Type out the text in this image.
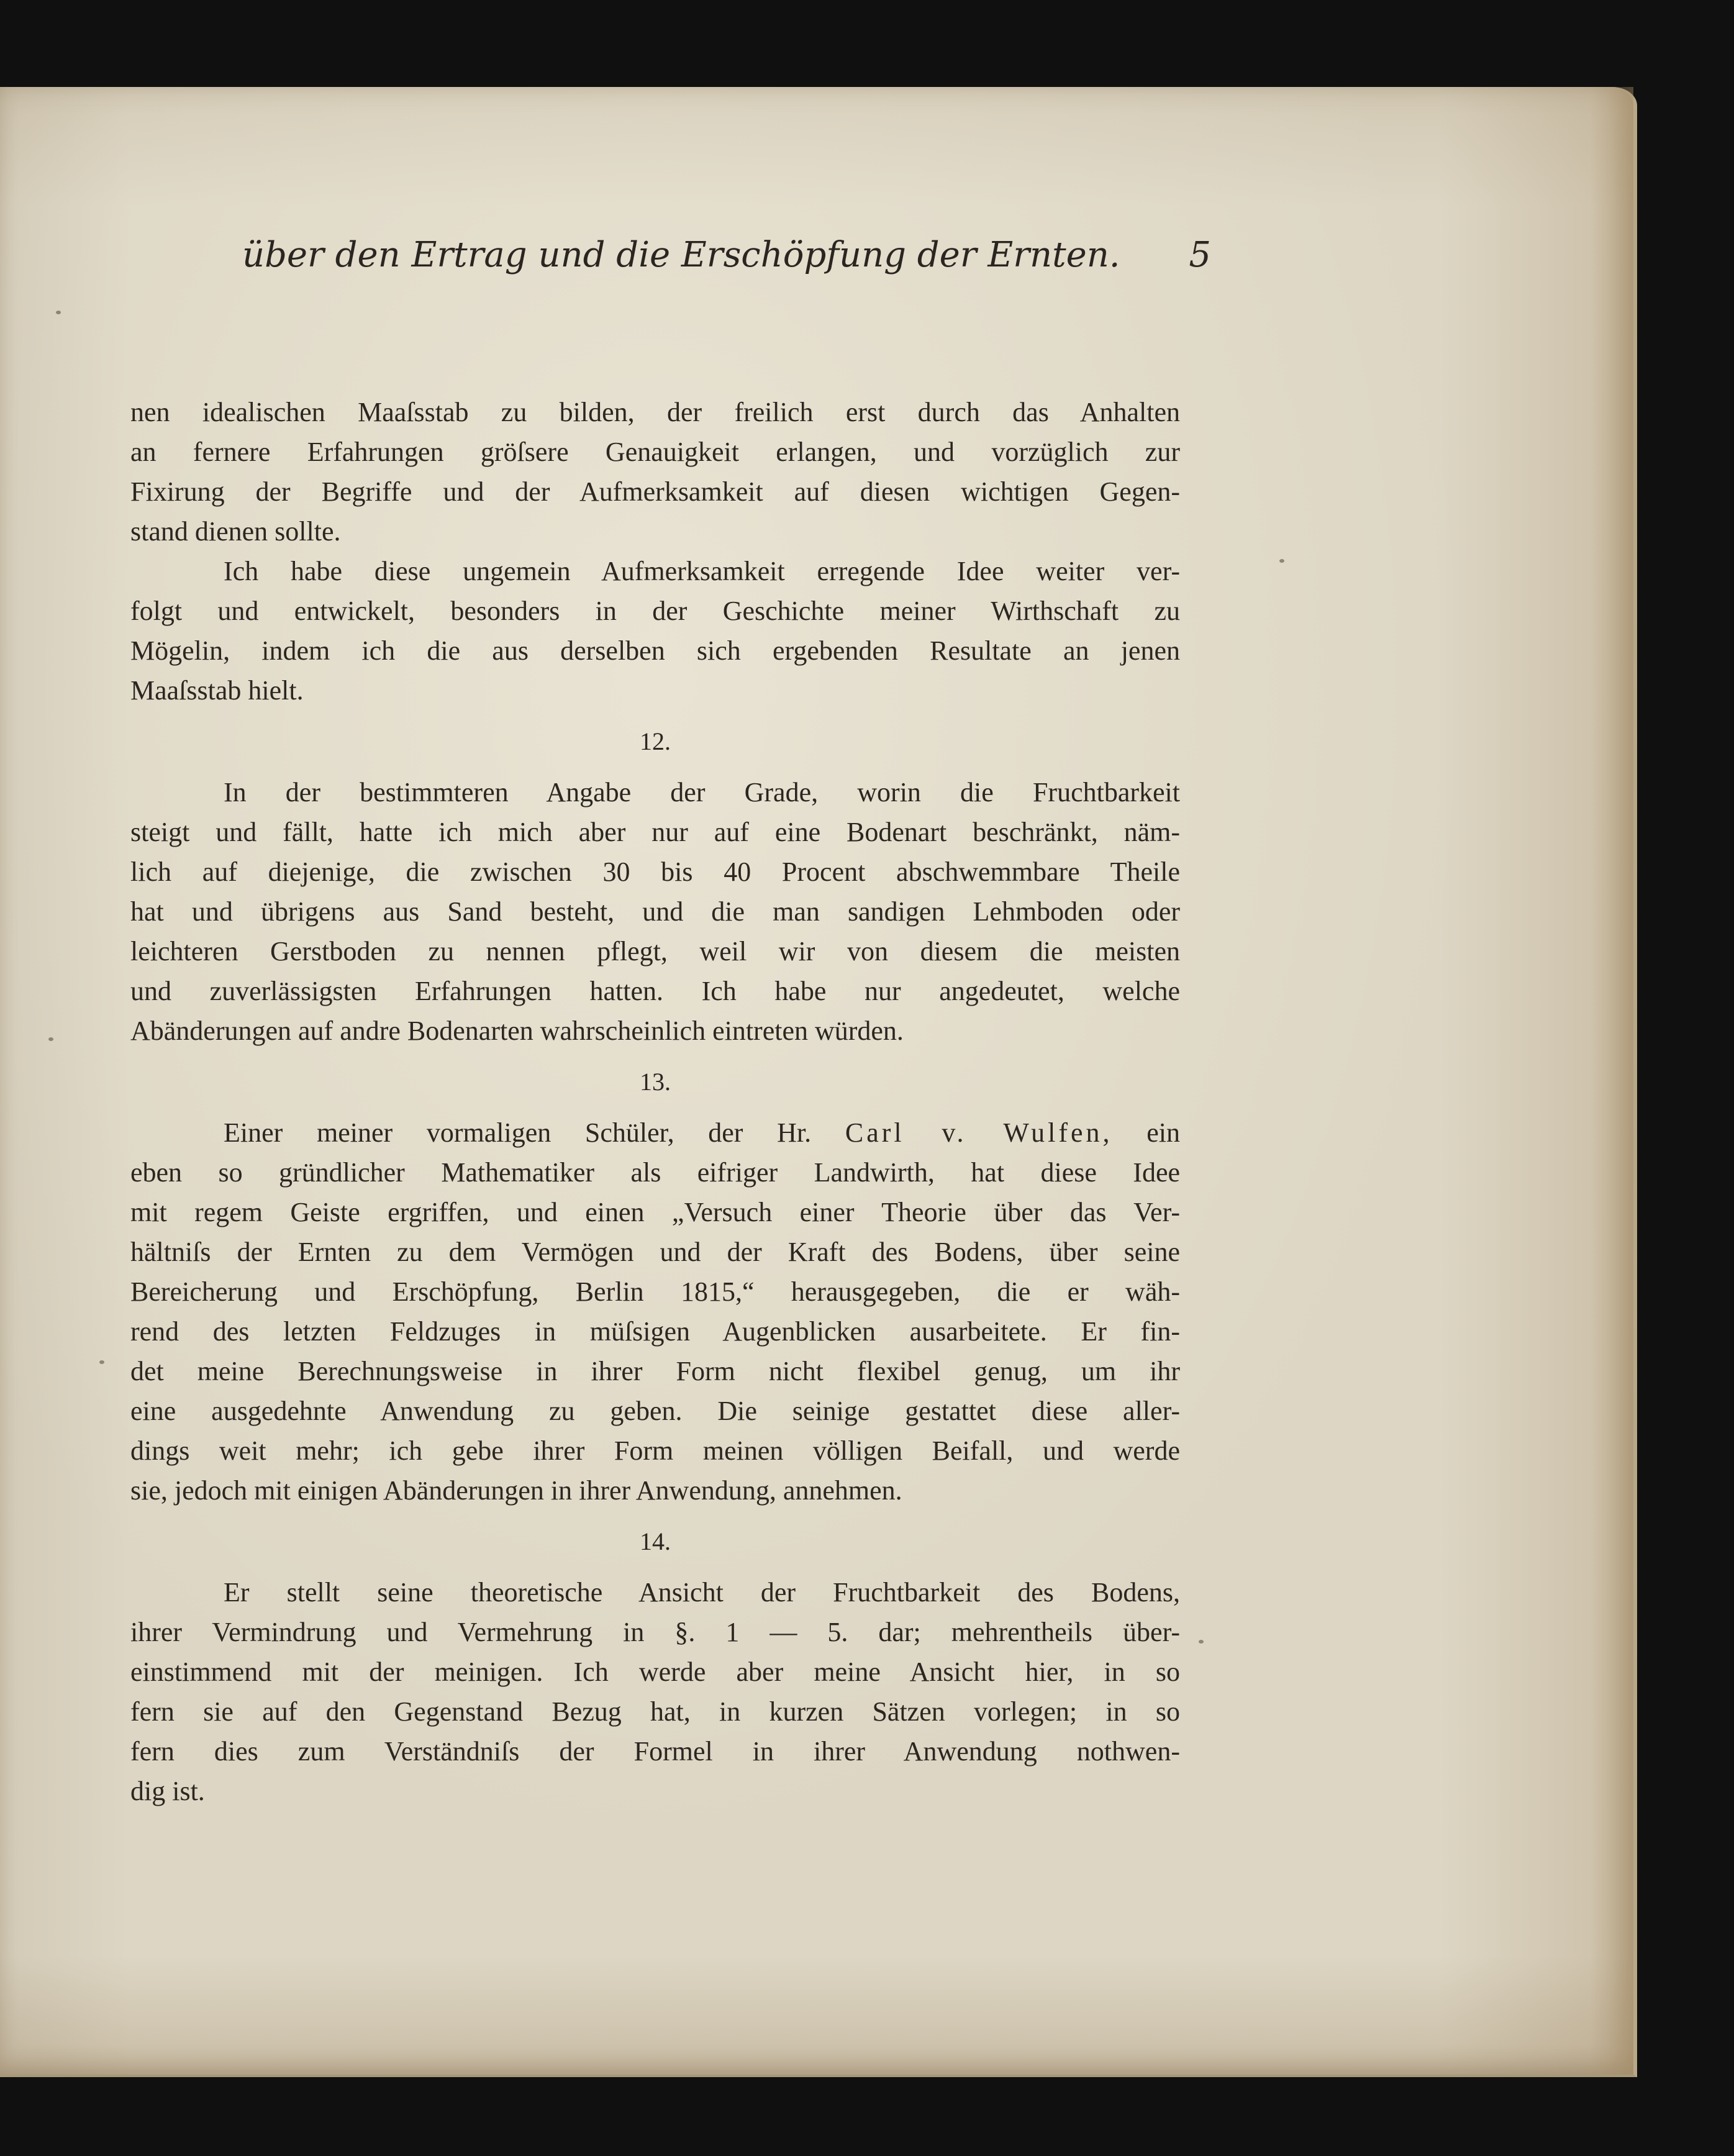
über den Ertrag und die Erschöpfung der Ernten. 5
nen idealischen Maaſsstab zu bilden, der freilich erst durch das Anhalten
an fernere Erfahrungen gröſsere Genauigkeit erlangen, und vorzüglich zur
Fixirung der Begriffe und der Aufmerksamkeit auf diesen wichtigen Gegen-
stand dienen sollte.
Ich habe diese ungemein Aufmerksamkeit erregende Idee weiter ver-
folgt und entwickelt, besonders in der Geschichte meiner Wirthschaft zu
Mögelin, indem ich die aus derselben sich ergebenden Resultate an jenen
Maaſsstab hielt.
12.
In der bestimmteren Angabe der Grade, worin die Fruchtbarkeit
steigt und fällt, hatte ich mich aber nur auf eine Bodenart beschränkt, näm-
lich auf diejenige, die zwischen 30 bis 40 Procent abschwemmbare Theile
hat und übrigens aus Sand besteht, und die man sandigen Lehmboden oder
leichteren Gerstboden zu nennen pflegt, weil wir von diesem die meisten
und zuverlässigsten Erfahrungen hatten. Ich habe nur angedeutet, welche
Abänderungen auf andre Bodenarten wahrscheinlich eintreten würden.
13.
Einer meiner vormaligen Schüler, der Hr. Carl v. Wulfen, ein
eben so gründlicher Mathematiker als eifriger Landwirth, hat diese Idee
mit regem Geiste ergriffen, und einen „Versuch einer Theorie über das Ver-
hältniſs der Ernten zu dem Vermögen und der Kraft des Bodens, über seine
Bereicherung und Erschöpfung, Berlin 1815,“ herausgegeben, die er wäh-
rend des letzten Feldzuges in müſsigen Augenblicken ausarbeitete. Er fin-
det meine Berechnungsweise in ihrer Form nicht flexibel genug, um ihr
eine ausgedehnte Anwendung zu geben. Die seinige gestattet diese aller-
dings weit mehr; ich gebe ihrer Form meinen völligen Beifall, und werde
sie, jedoch mit einigen Abänderungen in ihrer Anwendung, annehmen.
14.
Er stellt seine theoretische Ansicht der Fruchtbarkeit des Bodens,
ihrer Vermindrung und Vermehrung in §. 1 — 5. dar; mehrentheils über-
einstimmend mit der meinigen. Ich werde aber meine Ansicht hier, in so
fern sie auf den Gegenstand Bezug hat, in kurzen Sätzen vorlegen; in so
fern dies zum Verständniſs der Formel in ihrer Anwendung nothwen-
dig ist.
